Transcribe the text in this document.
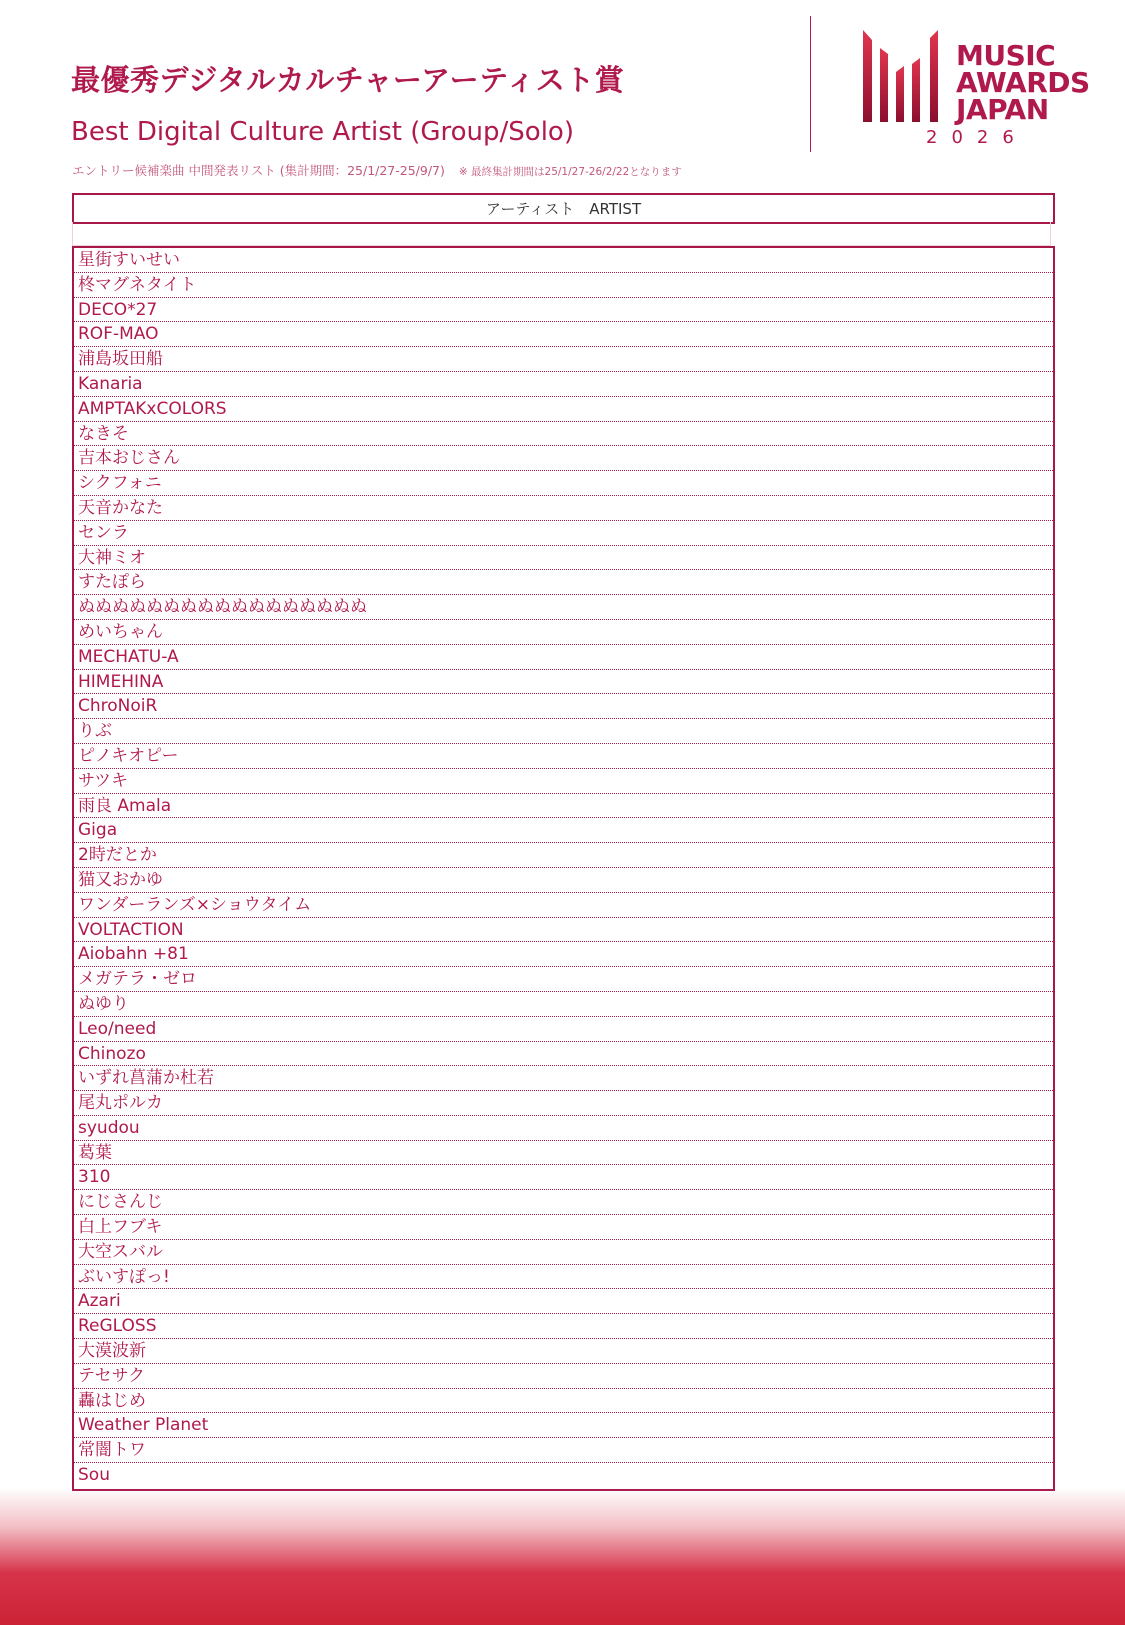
最優秀デジタルカルチャーアーティスト賞
Best Digital Culture Artist (Group/Solo)

エントリー候補楽曲 中間発表リスト (集計期間：25/1/27-25/9/7) ※ 最終集計期間は25/1/27-26/2/22となります

MUSIC
AWARDS
JAPAN
2026
アーティスト　ARTIST
星街すいせい
柊マグネタイト
DECO*27
ROF-MAO
浦島坂田船
Kanaria
AMPTAKxCOLORS
なきそ
吉本おじさん
シクフォニ
天音かなた
センラ
大神ミオ
すたぽら
ぬぬぬぬぬぬぬぬぬぬぬぬぬぬぬぬぬ
めいちゃん
MECHATU-A
HIMEHINA
ChroNoiR
りぶ
ピノキオピー
サツキ
雨良 Amala
Giga
2時だとか
猫又おかゆ
ワンダーランズ×ショウタイム
VOLTACTION
Aiobahn +81
メガテラ・ゼロ
ぬゆり
Leo/need
Chinozo
いずれ菖蒲か杜若
尾丸ポルカ
syudou
葛葉
310
にじさんじ
白上フブキ
大空スバル
ぶいすぽっ!
Azari
ReGLOSS
大漠波新
テセサク
轟はじめ
Weather Planet
常闇トワ
Sou
